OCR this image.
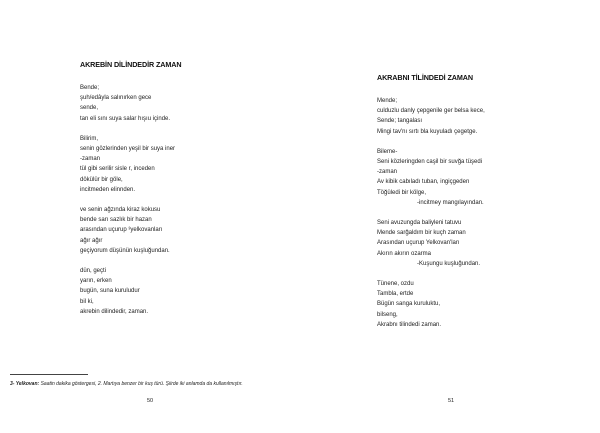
AKREBİN DİLİNDEDİR ZAMAN
Bende;
şuh/edâyla salınırken gece
sende,
tan eli sını suya salar hışıu içinde.
Bilirim,
senin gözlerinden yeşil bir suya iner
-zaman
tül gibi serilir sisle r, inceden
dökülür bir göle,
incitmeden elinnden.
ve senin ağzında kiraz kokusu
bende sarı sazlık bir hazan
arasından uçurup ³yelkovanları
ağır ağır
geçiyorum düşünün kuşluğundan.
dün, geçti
yarın, erken
bugün, suna kuruludur
bil ki,
akrebin dilindedir, zaman.
3- Yelkovan: Saatin dakika göstergesi, 2. Martıya benzer bir kuş türü. Şiirde iki anlamda da kullanılmıştır.
50
AKRABNI TİLİNDEDİ ZAMAN
Mende;
culduzlu danly çepgenile ger belsa kece,
Sende; tangalası
Mingi tav'nı sırtı bla kuyuladı çegetge.
Bileme-
Seni közleringden caşil bir suvğa tüşedi
-zaman
Av kibik cabıladı tuban, ingiçgeden
Töğüledi bir kölge,
-incitmey mangılayından.
Seni avuzungda baliyleni tatuvu
Mende sarğaldım bir kuçh zaman
Arasından uçurup Yelkovan'ları
Akırın akırın ozarma
-Kuşungu kuşluğundan.
Tünene, ozdu
Tambla, ertde
Bügün sanga kuruluktu,
bilseng,
Akrabnı tilindedi zaman.
51
